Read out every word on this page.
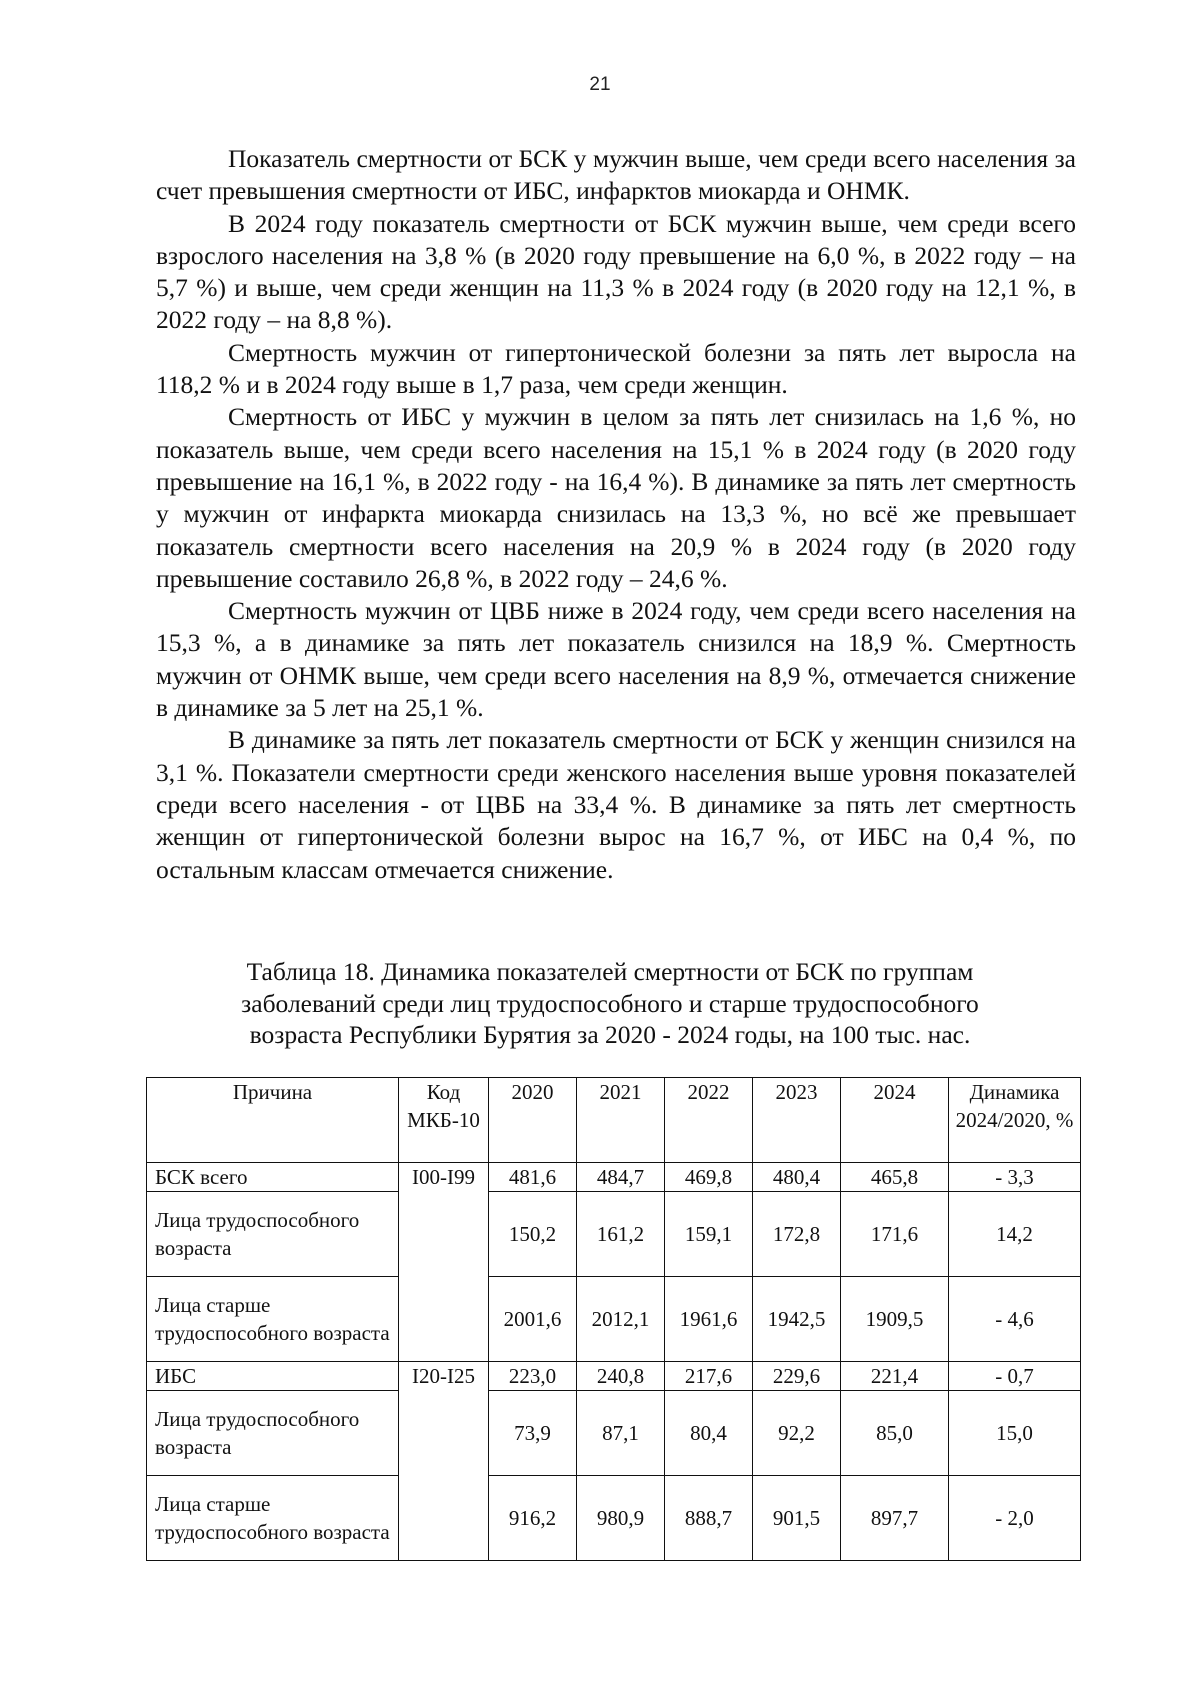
21

Показатель смертности от БСК у мужчин выше, чем среди всего населения за счет превышения смертности от ИБС, инфарктов миокарда и ОНМК.

В 2024 году показатель смертности от БСК мужчин выше, чем среди всего взрослого населения на 3,8 % (в 2020 году превышение на 6,0 %, в 2022 году – на 5,7 %) и выше, чем среди женщин на 11,3 % в 2024 году (в 2020 году на 12,1 %, в 2022 году – на 8,8 %).

Смертность мужчин от гипертонической болезни за пять лет выросла на 118,2 % и в 2024 году выше в 1,7 раза, чем среди женщин.

Смертность от ИБС у мужчин в целом за пять лет снизилась на 1,6 %, но показатель выше, чем среди всего населения на 15,1 % в 2024 году (в 2020 году превышение на 16,1 %, в 2022 году - на 16,4 %). В динамике за пять лет смертность у мужчин от инфаркта миокарда снизилась на 13,3 %, но всё же превышает показатель смертности всего населения на 20,9 % в 2024 году (в 2020 году превышение составило 26,8 %, в 2022 году – 24,6 %.

Смертность мужчин от ЦВБ ниже в 2024 году, чем среди всего населения на 15,3 %, а в динамике за пять лет показатель снизился на 18,9 %. Смертность мужчин от ОНМК выше, чем среди всего населения на 8,9 %, отмечается снижение в динамике за 5 лет на 25,1 %.

В динамике за пять лет показатель смертности от БСК у женщин снизился на 3,1 %. Показатели смертности среди женского населения выше уровня показателей среди всего населения - от ЦВБ на 33,4 %. В динамике за пять лет смертность женщин от гипертонической болезни вырос на 16,7 %, от ИБС на 0,4 %, по остальным классам отмечается снижение.

Таблица 18. Динамика показателей смертности от БСК по группам
заболеваний среди лиц трудоспособного и старше трудоспособного
возраста Республики Бурятия за 2020 - 2024 годы, на 100 тыс. нас.
Причина	Код МКБ-10	2020	2021	2022	2023	2024	Динамика 2024/2020, %
БСК всего	I00-I99	481,6	484,7	469,8	480,4	465,8	- 3,3
Лица трудоспособного возраста		150,2	161,2	159,1	172,8	171,6	14,2
Лица старше трудоспособного возраста		2001,6	2012,1	1961,6	1942,5	1909,5	- 4,6
ИБС	I20-I25	223,0	240,8	217,6	229,6	221,4	- 0,7
Лица трудоспособного возраста		73,9	87,1	80,4	92,2	85,0	15,0
Лица старше трудоспособного возраста		916,2	980,9	888,7	901,5	897,7	- 2,0
